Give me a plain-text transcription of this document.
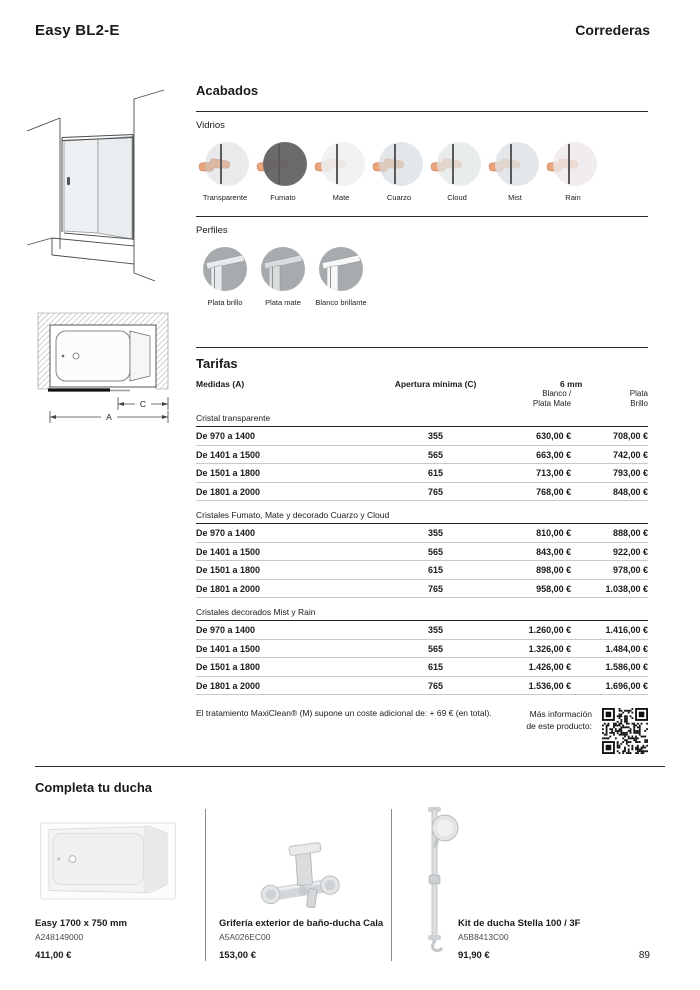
Easy BL2-E	Correderas
C
A
Acabados
Vidrios
Transparente	Fumato	Mate	Cuarzo	Cloud	Mist	Rain
Perfiles
Plata brillo	Plata mate	Blanco brillante
Tarifas
Medidas (A)	Apertura mínima (C)	6 mm	
		Blanco /
Plata Mate	Plata
Brillo
Cristal transparente			
De 970 a 1400	355	630,00 €	708,00 €
De 1401 a 1500	565	663,00 €	742,00 €
De 1501 a 1800	615	713,00 €	793,00 €
De 1801 a 2000	765	768,00 €	848,00 €
Cristales Fumato, Mate y decorado Cuarzo y Cloud			
De 970 a 1400	355	810,00 €	888,00 €
De 1401 a 1500	565	843,00 €	922,00 €
De 1501 a 1800	615	898,00 €	978,00 €
De 1801 a 2000	765	958,00 €	1.038,00 €
Cristales decorados Mist y Rain			
De 970 a 1400	355	1.260,00 €	1.416,00 €
De 1401 a 1500	565	1.326,00 €	1.484,00 €
De 1501 a 1800	615	1.426,00 €	1.586,00 €
De 1801 a 2000	765	1.536,00 €	1.696,00 €
El tratamiento MaxiClean® (M) supone un coste adicional de: + 69 € (en total).	Más información
de este producto:
Completa tu ducha
Easy 1700 x 750 mm
A248149000
411,00 €
Grifería exterior de baño-ducha Cala
A5A026EC00
153,00 €
Kit de ducha Stella 100 / 3F
A5B8413C00
91,90 €	89
